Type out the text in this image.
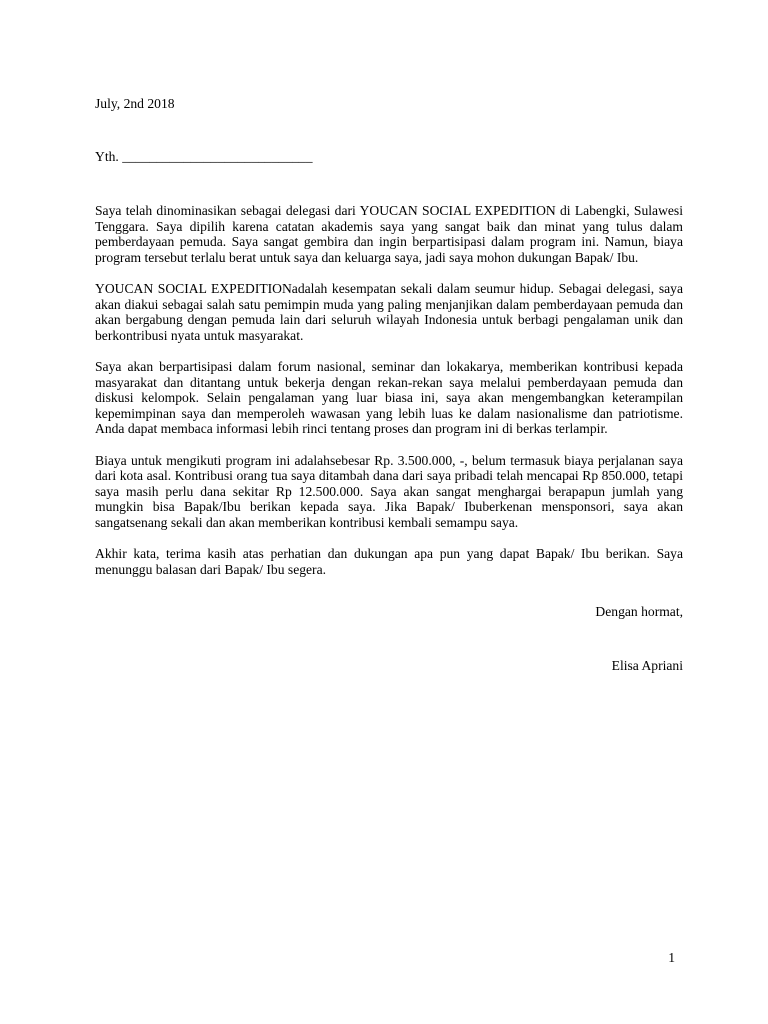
July, 2nd 2018
Yth. ____________________________

Saya telah dinominasikan sebagai delegasi dari YOUCAN SOCIAL EXPEDITION di Labengki, Sulawesi Tenggara. Saya dipilih karena catatan akademis saya yang sangat baik dan minat yang tulus dalam pemberdayaan pemuda. Saya sangat gembira dan ingin berpartisipasi dalam program ini. Namun, biaya program tersebut terlalu berat untuk saya dan keluarga saya, jadi saya mohon dukungan Bapak/ Ibu.

YOUCAN SOCIAL EXPEDITIONadalah kesempatan sekali dalam seumur hidup. Sebagai delegasi, saya akan diakui sebagai salah satu pemimpin muda yang paling menjanjikan dalam pemberdayaan pemuda dan akan bergabung dengan pemuda lain dari seluruh wilayah Indonesia untuk berbagi pengalaman unik dan berkontribusi nyata untuk masyarakat.

Saya akan berpartisipasi dalam forum nasional, seminar dan lokakarya, memberikan kontribusi kepada masyarakat dan ditantang untuk bekerja dengan rekan-rekan saya melalui pemberdayaan pemuda dan diskusi kelompok. Selain pengalaman yang luar biasa ini, saya akan mengembangkan keterampilan kepemimpinan saya dan memperoleh wawasan yang lebih luas ke dalam nasionalisme dan patriotisme. Anda dapat membaca informasi lebih rinci tentang proses dan program ini di berkas terlampir.

Biaya untuk mengikuti program ini adalahsebesar Rp. 3.500.000, -, belum termasuk biaya perjalanan saya dari kota asal. Kontribusi orang tua saya ditambah dana dari saya pribadi telah mencapai Rp 850.000, tetapi saya masih perlu dana sekitar Rp 12.500.000. Saya akan sangat menghargai berapapun jumlah yang mungkin bisa Bapak/Ibu berikan kepada saya. Jika Bapak/ Ibuberkenan mensponsori, saya akan sangatsenang sekali dan akan memberikan kontribusi kembali semampu saya.

Akhir kata, terima kasih atas perhatian dan dukungan apa pun yang dapat Bapak/ Ibu berikan. Saya menunggu balasan dari Bapak/ Ibu segera.

Dengan hormat,
Elisa Apriani
1
